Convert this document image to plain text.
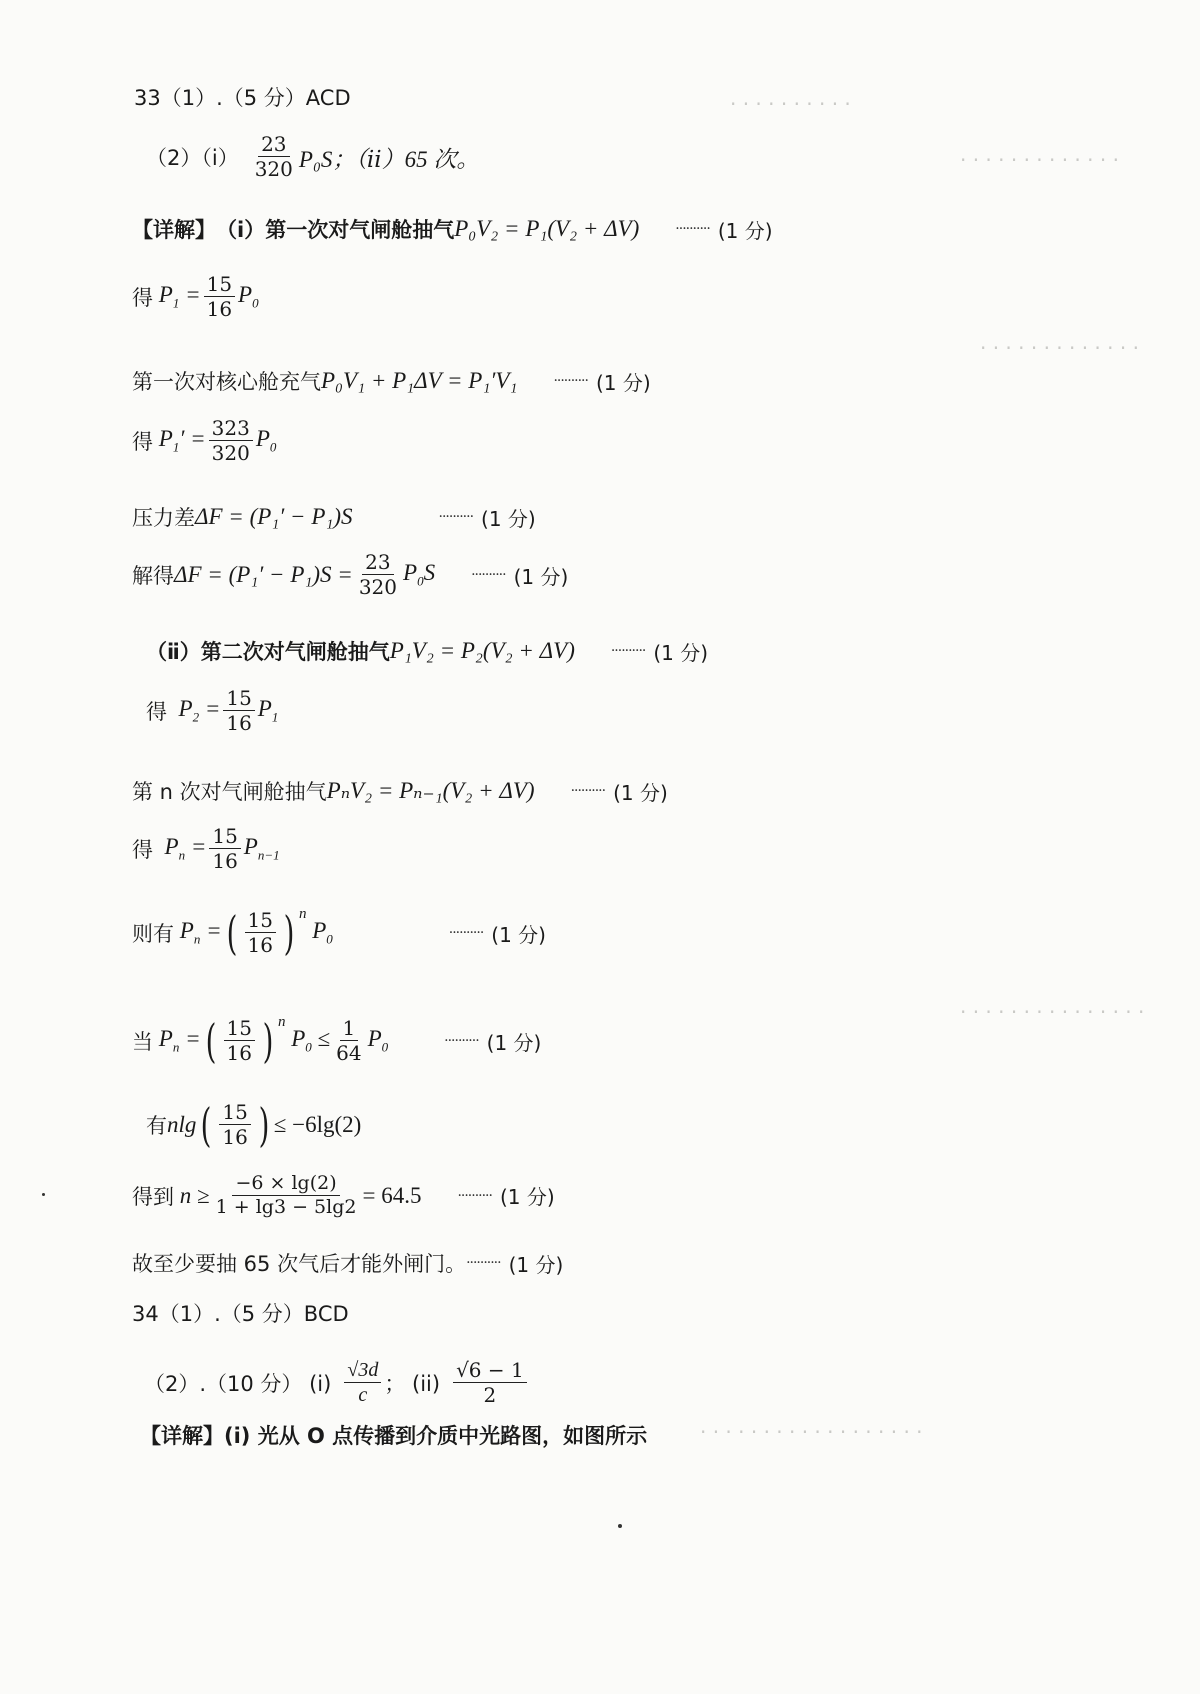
· · · · · · · · · ·
· · · · · · · · · · · · ·
· · · · · · · · · · · · ·
· · · · · · · · · · · · · · ·
· · · · · · · · · · · · · · · · · ·
33（1）.（5 分）ACD
（2）（ⅰ） $\frac{23}{320} P_0S$；（ⅱ）65 次。
【详解】 （ⅰ）第一次对气闸舱抽气 P₀V₂ = P₁(V₂ + ΔV)	·········· (1 分)
得 $P_1 = \frac{15}{16} P_0$
第一次对核心舱充气 P₀V₁ + P₁ΔV = P₁′V₁	·········· (1 分)
得 $P_1' = \frac{323}{320} P_0$
压力差 ΔF = (P₁′ − P₁)S	·········· (1 分)
解得 $\Delta F = (P_1' - P_1)S = \frac{23}{320} P_0S$	·········· (1 分)
（ⅱ）第二次对气闸舱抽气 P₁V₂ = P₂(V₂ + ΔV)	·········· (1 分)
得 $P_2 = \frac{15}{16} P_1$
第 n 次对气闸舱抽气 PₙV₂ = Pₙ₋₁(V₂ + ΔV)	·········· (1 分)
得 $P_n = \frac{15}{16} P_{n-1}$
则有 $P_n$ = ( $\frac{15}{16}$ ) n
$P_0$	·········· (1 分)
当 $P_n$ = ( $\frac{15}{16}$ ) n
$P_0 \le \frac{1}{64} P_0$	·········· (1 分)
有 nlg ( $\frac{15}{16}$ ) ≤ −6lg(2)
得到 $n \ge \frac{-6 \times \lg(2)}{1 + \lg 3 - 5\lg 2} = 64.5$	·········· (1 分)
故至少要抽 65 次气后才能外闸门。 ·········· (1 分)
34（1）.（5 分）BCD
（2）.（10 分） $(i) \frac{√3d}{c}$ ； $(ii) \frac{√6 - 1}{2}$
【详解】 (i) 光从 O 点传播到介质中光路图，如图所示
